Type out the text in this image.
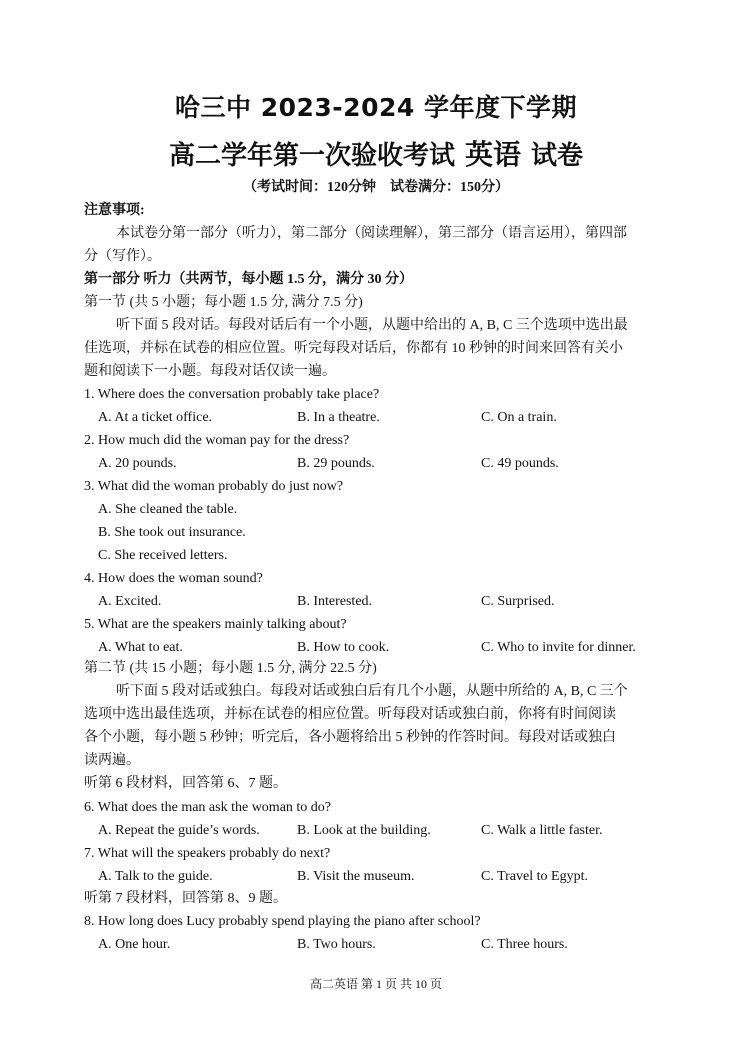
哈三中 2023-2024 学年度下学期
高二学年第一次验收考试 英语 试卷
（考试时间：120分钟　试卷满分：150分）
注意事项:
本试卷分第一部分（听力），第二部分（阅读理解），第三部分（语言运用），第四部
分（写作）。
第一部分 听力（共两节，每小题 1.5 分，满分 30 分）
第一节 (共 5 小题；每小题 1.5 分, 满分 7.5 分)
听下面 5 段对话。每段对话后有一个小题，从题中给出的 A, B, C 三个选项中选出最
佳选项，并标在试卷的相应位置。听完每段对话后，你都有 10 秒钟的时间来回答有关小
题和阅读下一小题。每段对话仅读一遍。
1. Where does the conversation probably take place?
A. At a ticket office.	B. In a theatre.	C. On a train.
2. How much did the woman pay for the dress?
A. 20 pounds.	B. 29 pounds.	C. 49 pounds.
3. What did the woman probably do just now?
A. She cleaned the table.
B. She took out insurance.
C. She received letters.
4. How does the woman sound?
A. Excited.	B. Interested.	C. Surprised.
5. What are the speakers mainly talking about?
A. What to eat.	B. How to cook.	C. Who to invite for dinner.
第二节 (共 15 小题；每小题 1.5 分, 满分 22.5 分)
听下面 5 段对话或独白。每段对话或独白后有几个小题，从题中所给的 A, B, C 三个
选项中选出最佳选项，并标在试卷的相应位置。听每段对话或独白前，你将有时间阅读
各个小题，每小题 5 秒钟；听完后，各小题将给出 5 秒钟的作答时间。每段对话或独白
读两遍。
听第 6 段材料，回答第 6、7 题。
6. What does the man ask the woman to do?
A. Repeat the guide’s words.	B. Look at the building.	C. Walk a little faster.
7. What will the speakers probably do next?
A. Talk to the guide.	B. Visit the museum.	C. Travel to Egypt.
听第 7 段材料，回答第 8、9 题。
8. How long does Lucy probably spend playing the piano after school?
A. One hour.	B. Two hours.	C. Three hours.
高二英语 第 1 页 共 10 页
